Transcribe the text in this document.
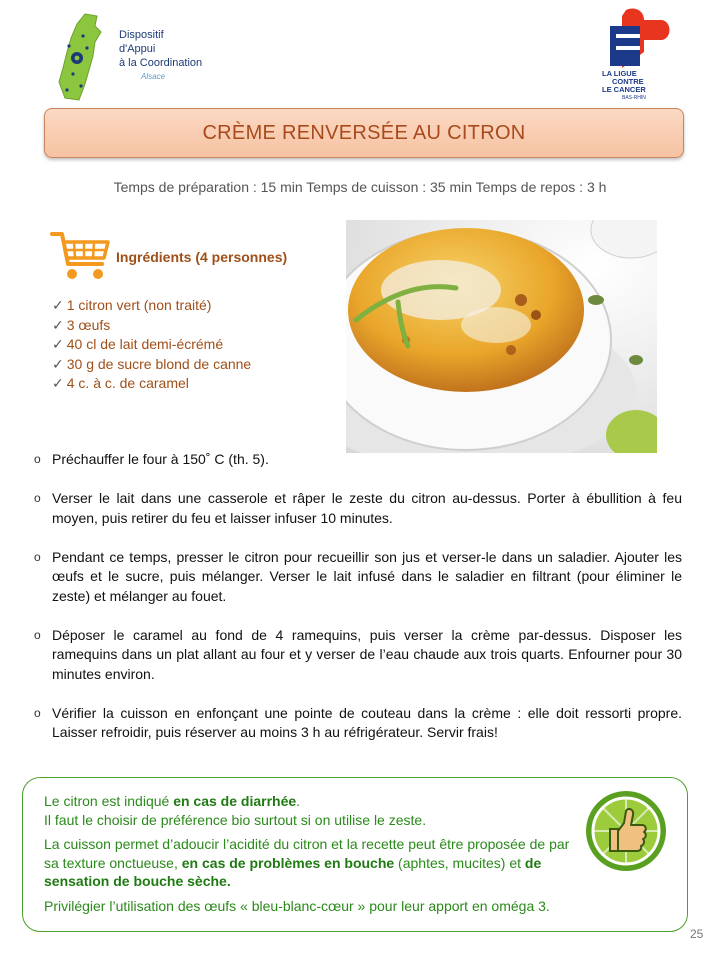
Dispositif
d'Appui
à la Coordination
Alsace	LA LIGUE
CONTRE
LE CANCER
BAS-RHIN
CRÈME RENVERSÉE AU CITRON
Temps de préparation : 15 min Temps de cuisson : 35 min Temps de repos : 3 h
Ingrédients (4 personnes)
✓ 1 citron vert (non traité)
✓ 3 œufs
✓ 40 cl de lait demi-écrémé
✓ 30 g de sucre blond de canne
✓ 4 c. à c. de caramel
o Préchauffer le four à 150˚ C (th. 5).
o Verser le lait dans une casserole et râper le zeste du citron au-dessus. Porter à ébullition à feu moyen, puis retirer du feu et laisser infuser 10 minutes.
o Pendant ce temps, presser le citron pour recueillir son jus et verser-le dans un saladier. Ajouter les œufs et le sucre, puis mélanger. Verser le lait infusé dans le saladier en filtrant (pour éliminer le zeste) et mélanger au fouet.
o Déposer le caramel au fond de 4 ramequins, puis verser la crème par-dessus. Disposer les ramequins dans un plat allant au four et y verser de l’eau chaude aux trois quarts. Enfourner pour 30 minutes environ.
o Vérifier la cuisson en enfonçant une pointe de couteau dans la crème : elle doit ressorti propre. Laisser refroidir, puis réserver au moins 3 h au réfrigérateur. Servir frais!

Le citron est indiqué en cas de diarrhée.
Il faut le choisir de préférence bio surtout si on utilise le zeste.

La cuisson permet d’adoucir l’acidité du citron et la recette peut être proposée de par sa texture onctueuse, en cas de problèmes en bouche (aphtes, mucites) et de sensation de bouche sèche.

Privilégier l’utilisation des œufs « bleu-blanc-cœur » pour leur apport en oméga 3.

25
